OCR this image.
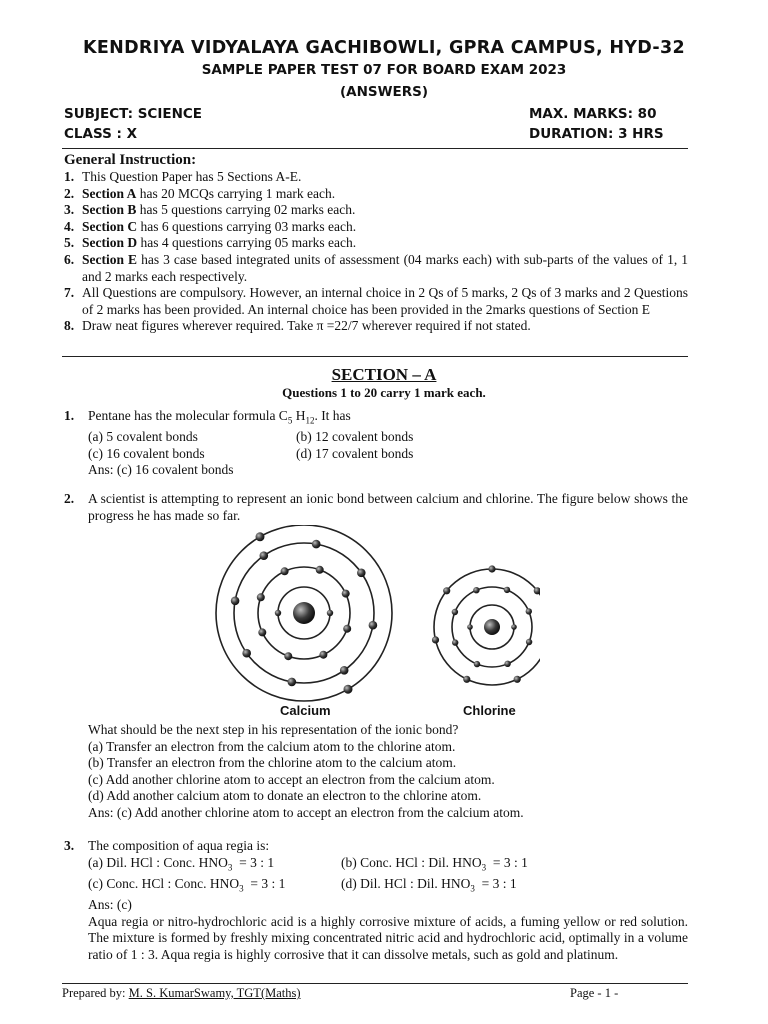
KENDRIYA VIDYALAYA GACHIBOWLI, GPRA CAMPUS, HYD-32
SAMPLE PAPER TEST 07 FOR BOARD EXAM 2023
(ANSWERS)
SUBJECT: SCIENCE	MAX. MARKS: 80
CLASS : X	DURATION: 3 HRS
General Instruction:
1. This Question Paper has 5 Sections A-E.
2. Section A has 20 MCQs carrying 1 mark each.
3. Section B has 5 questions carrying 02 marks each.
4. Section C has 6 questions carrying 03 marks each.
5. Section D has 4 questions carrying 05 marks each.
6. Section E has 3 case based integrated units of assessment (04 marks each) with sub-parts of the values of 1, 1 and 2 marks each respectively.
7. All Questions are compulsory. However, an internal choice in 2 Qs of 5 marks, 2 Qs of 3 marks and 2 Questions of 2 marks has been provided. An internal choice has been provided in the 2marks questions of Section E
8. Draw neat figures wherever required. Take π =22/7 wherever required if not stated.
SECTION – A
Questions 1 to 20 carry 1 mark each.
1.	Pentane has the molecular formula $C_5$ $H_{12}$. It has
(a) 5 covalent bonds	(b) 12 covalent bonds
(c) 16 covalent bonds	(d) 17 covalent bonds
Ans: (c) 16 covalent bonds
2.	A scientist is attempting to represent an ionic bond between calcium and chlorine. The figure below shows the progress he has made so far.
Calcium	Chlorine
What should be the next step in his representation of the ionic bond?
(a) Transfer an electron from the calcium atom to the chlorine atom.
(b) Transfer an electron from the chlorine atom to the calcium atom.
(c) Add another chlorine atom to accept an electron from the calcium atom.
(d) Add another calcium atom to donate an electron to the chlorine atom.
Ans: (c) Add another chlorine atom to accept an electron from the calcium atom.
3.	The composition of aqua regia is:
(a) Dil. HCl : Conc. $HNO_3 = 3$ : 1	(b) Conc. HCl : Dil. $HNO_3 = 3$ : 1
(c) Conc. HCl : Conc. $HNO_3 = 3$ : 1	(d) Dil. HCl : Dil. $HNO_3 = 3$ : 1
Ans: (c)
Aqua regia or nitro-hydrochloric acid is a highly corrosive mixture of acids, a fuming yellow or red solution. The mixture is formed by freshly mixing concentrated nitric acid and hydrochloric acid, optimally in a volume ratio of 1 : 3. Aqua regia is highly corrosive that it can dissolve metals, such as gold and platinum.
Prepared by: M. S. KumarSwamy, TGT(Maths)	Page - 1 -
